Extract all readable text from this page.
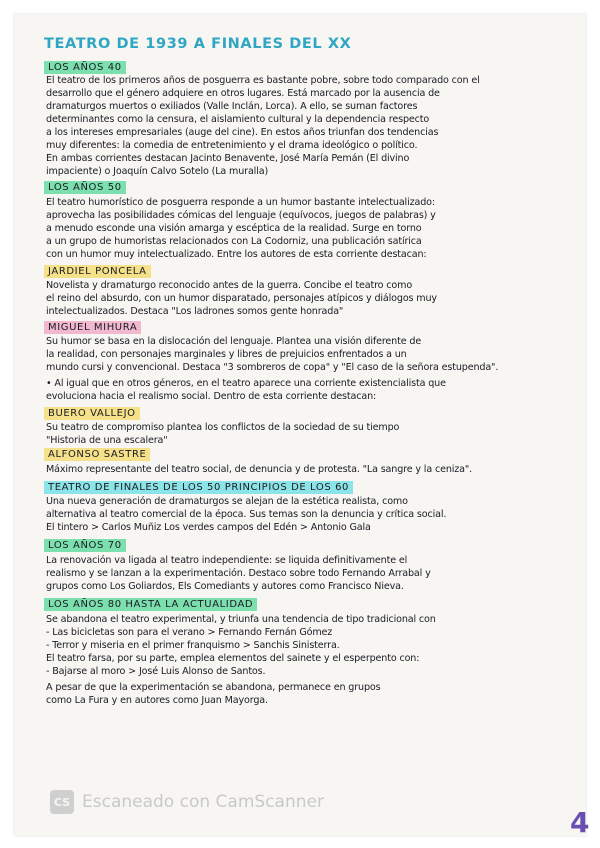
TEATRO DE 1939 A FINALES DEL XX
LOS AÑOS 40
El teatro de los primeros años de posguerra es bastante pobre, sobre todo comparado con el
desarrollo que el género adquiere en otros lugares. Está marcado por la ausencia de
dramaturgos muertos o exiliados (Valle Inclán, Lorca). A ello, se suman factores
determinantes como la censura, el aislamiento cultural y la dependencia respecto
a los intereses empresariales (auge del cine). En estos años triunfan dos tendencias
muy diferentes: la comedia de entretenimiento y el drama ideológico o político.
En ambas corrientes destacan Jacinto Benavente, José María Pemán (El divino
impaciente) o Joaquín Calvo Sotelo (La muralla)
LOS AÑOS 50
El teatro humorístico de posguerra responde a un humor bastante intelectualizado:
aprovecha las posibilidades cómicas del lenguaje (equívocos, juegos de palabras) y
a menudo esconde una visión amarga y escéptica de la realidad. Surge en torno
a un grupo de humoristas relacionados con La Codorniz, una publicación satírica
con un humor muy intelectualizado. Entre los autores de esta corriente destacan:
JARDIEL PONCELA
Novelista y dramaturgo reconocido antes de la guerra. Concibe el teatro como
el reino del absurdo, con un humor disparatado, personajes atípicos y diálogos muy
intelectualizados. Destaca "Los ladrones somos gente honrada"
MIGUEL MIHURA
Su humor se basa en la dislocación del lenguaje. Plantea una visión diferente de
la realidad, con personajes marginales y libres de prejuicios enfrentados a un
mundo cursi y convencional. Destaca "3 sombreros de copa" y "El caso de la señora estupenda".
• Al igual que en otros géneros, en el teatro aparece una corriente existencialista que
evoluciona hacia el realismo social. Dentro de esta corriente destacan:
BUERO VALLEJO
Su teatro de compromiso plantea los conflictos de la sociedad de su tiempo
"Historia de una escalera"
ALFONSO SASTRE
Máximo representante del teatro social, de denuncia y de protesta. "La sangre y la ceniza".
TEATRO DE FINALES DE LOS 50 PRINCIPIOS DE LOS 60
Una nueva generación de dramaturgos se alejan de la estética realista, como
alternativa al teatro comercial de la época. Sus temas son la denuncia y crítica social.
El tintero > Carlos Muñiz Los verdes campos del Edén > Antonio Gala
LOS AÑOS 70
La renovación va ligada al teatro independiente: se liquida definitivamente el
realismo y se lanzan a la experimentación. Destaco sobre todo Fernando Arrabal y
grupos como Los Goliardos, Els Comediants y autores como Francisco Nieva.
LOS AÑOS 80 HASTA LA ACTUALIDAD
Se abandona el teatro experimental, y triunfa una tendencia de tipo tradicional con
- Las bicicletas son para el verano > Fernando Fernán Gómez
- Terror y miseria en el primer franquismo > Sanchis Sinisterra.
El teatro farsa, por su parte, emplea elementos del sainete y el esperpento con:
- Bajarse al moro > José Luis Alonso de Santos.
A pesar de que la experimentación se abandona, permanece en grupos
como La Fura y en autores como Juan Mayorga.
CS Escaneado con CamScanner
4
